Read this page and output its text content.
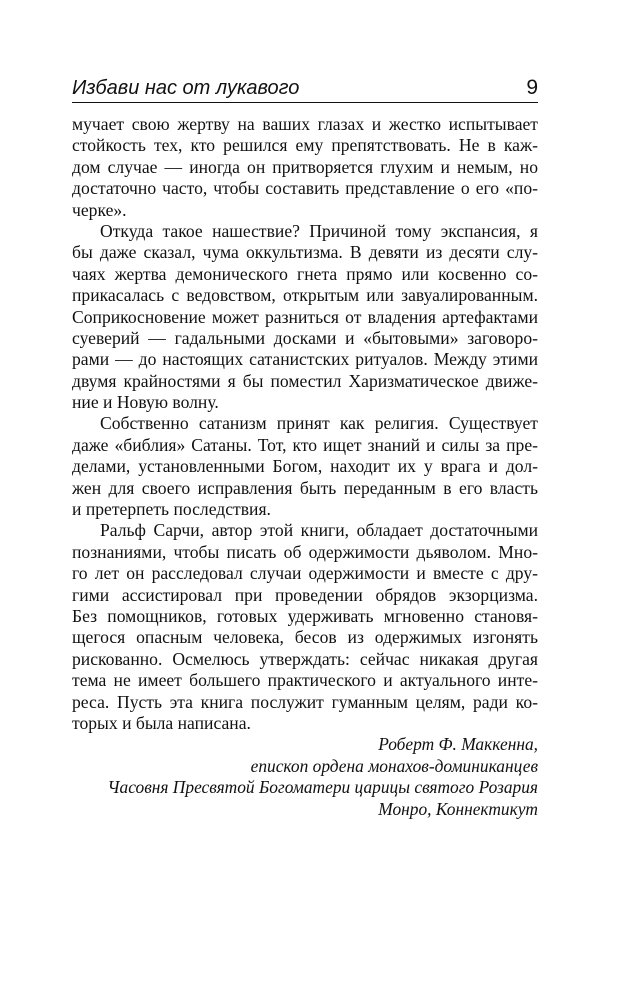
Избави нас от лукавого	9
мучает свою жертву на ваших глазах и жестко испытывает
стойкость тех, кто решился ему препятствовать. Не в каж-
дом случае — иногда он притворяется глухим и немым, но
достаточно часто, чтобы составить представление о его «по-
черке».
Откуда такое нашествие? Причиной тому экспансия, я
бы даже сказал, чума оккультизма. В девяти из десяти слу-
чаях жертва демонического гнета прямо или косвенно со-
прикасалась с ведовством, открытым или завуалированным.
Соприкосновение может разниться от владения артефактами
суеверий — гадальными досками и «бытовыми» заговоро-
рами — до настоящих сатанистских ритуалов. Между этими
двумя крайностями я бы поместил Харизматическое движе-
ние и Новую волну.
Собственно сатанизм принят как религия. Существует
даже «библия» Сатаны. Тот, кто ищет знаний и силы за пре-
делами, установленными Богом, находит их у врага и дол-
жен для своего исправления быть переданным в его власть
и претерпеть последствия.
Ральф Сарчи, автор этой книги, обладает достаточными
познаниями, чтобы писать об одержимости дьяволом. Мно-
го лет он расследовал случаи одержимости и вместе с дру-
гими ассистировал при проведении обрядов экзорцизма.
Без помощников, готовых удерживать мгновенно становя-
щегося опасным человека, бесов из одержимых изгонять
рискованно. Осмелюсь утверждать: сейчас никакая другая
тема не имеет большего практического и актуального инте-
реса. Пусть эта книга послужит гуманным целям, ради ко-
торых и была написана.
Роберт Ф. Маккенна,
епископ ордена монахов-доминиканцев
Часовня Пресвятой Богоматери царицы святого Розария
Монро, Коннектикут
